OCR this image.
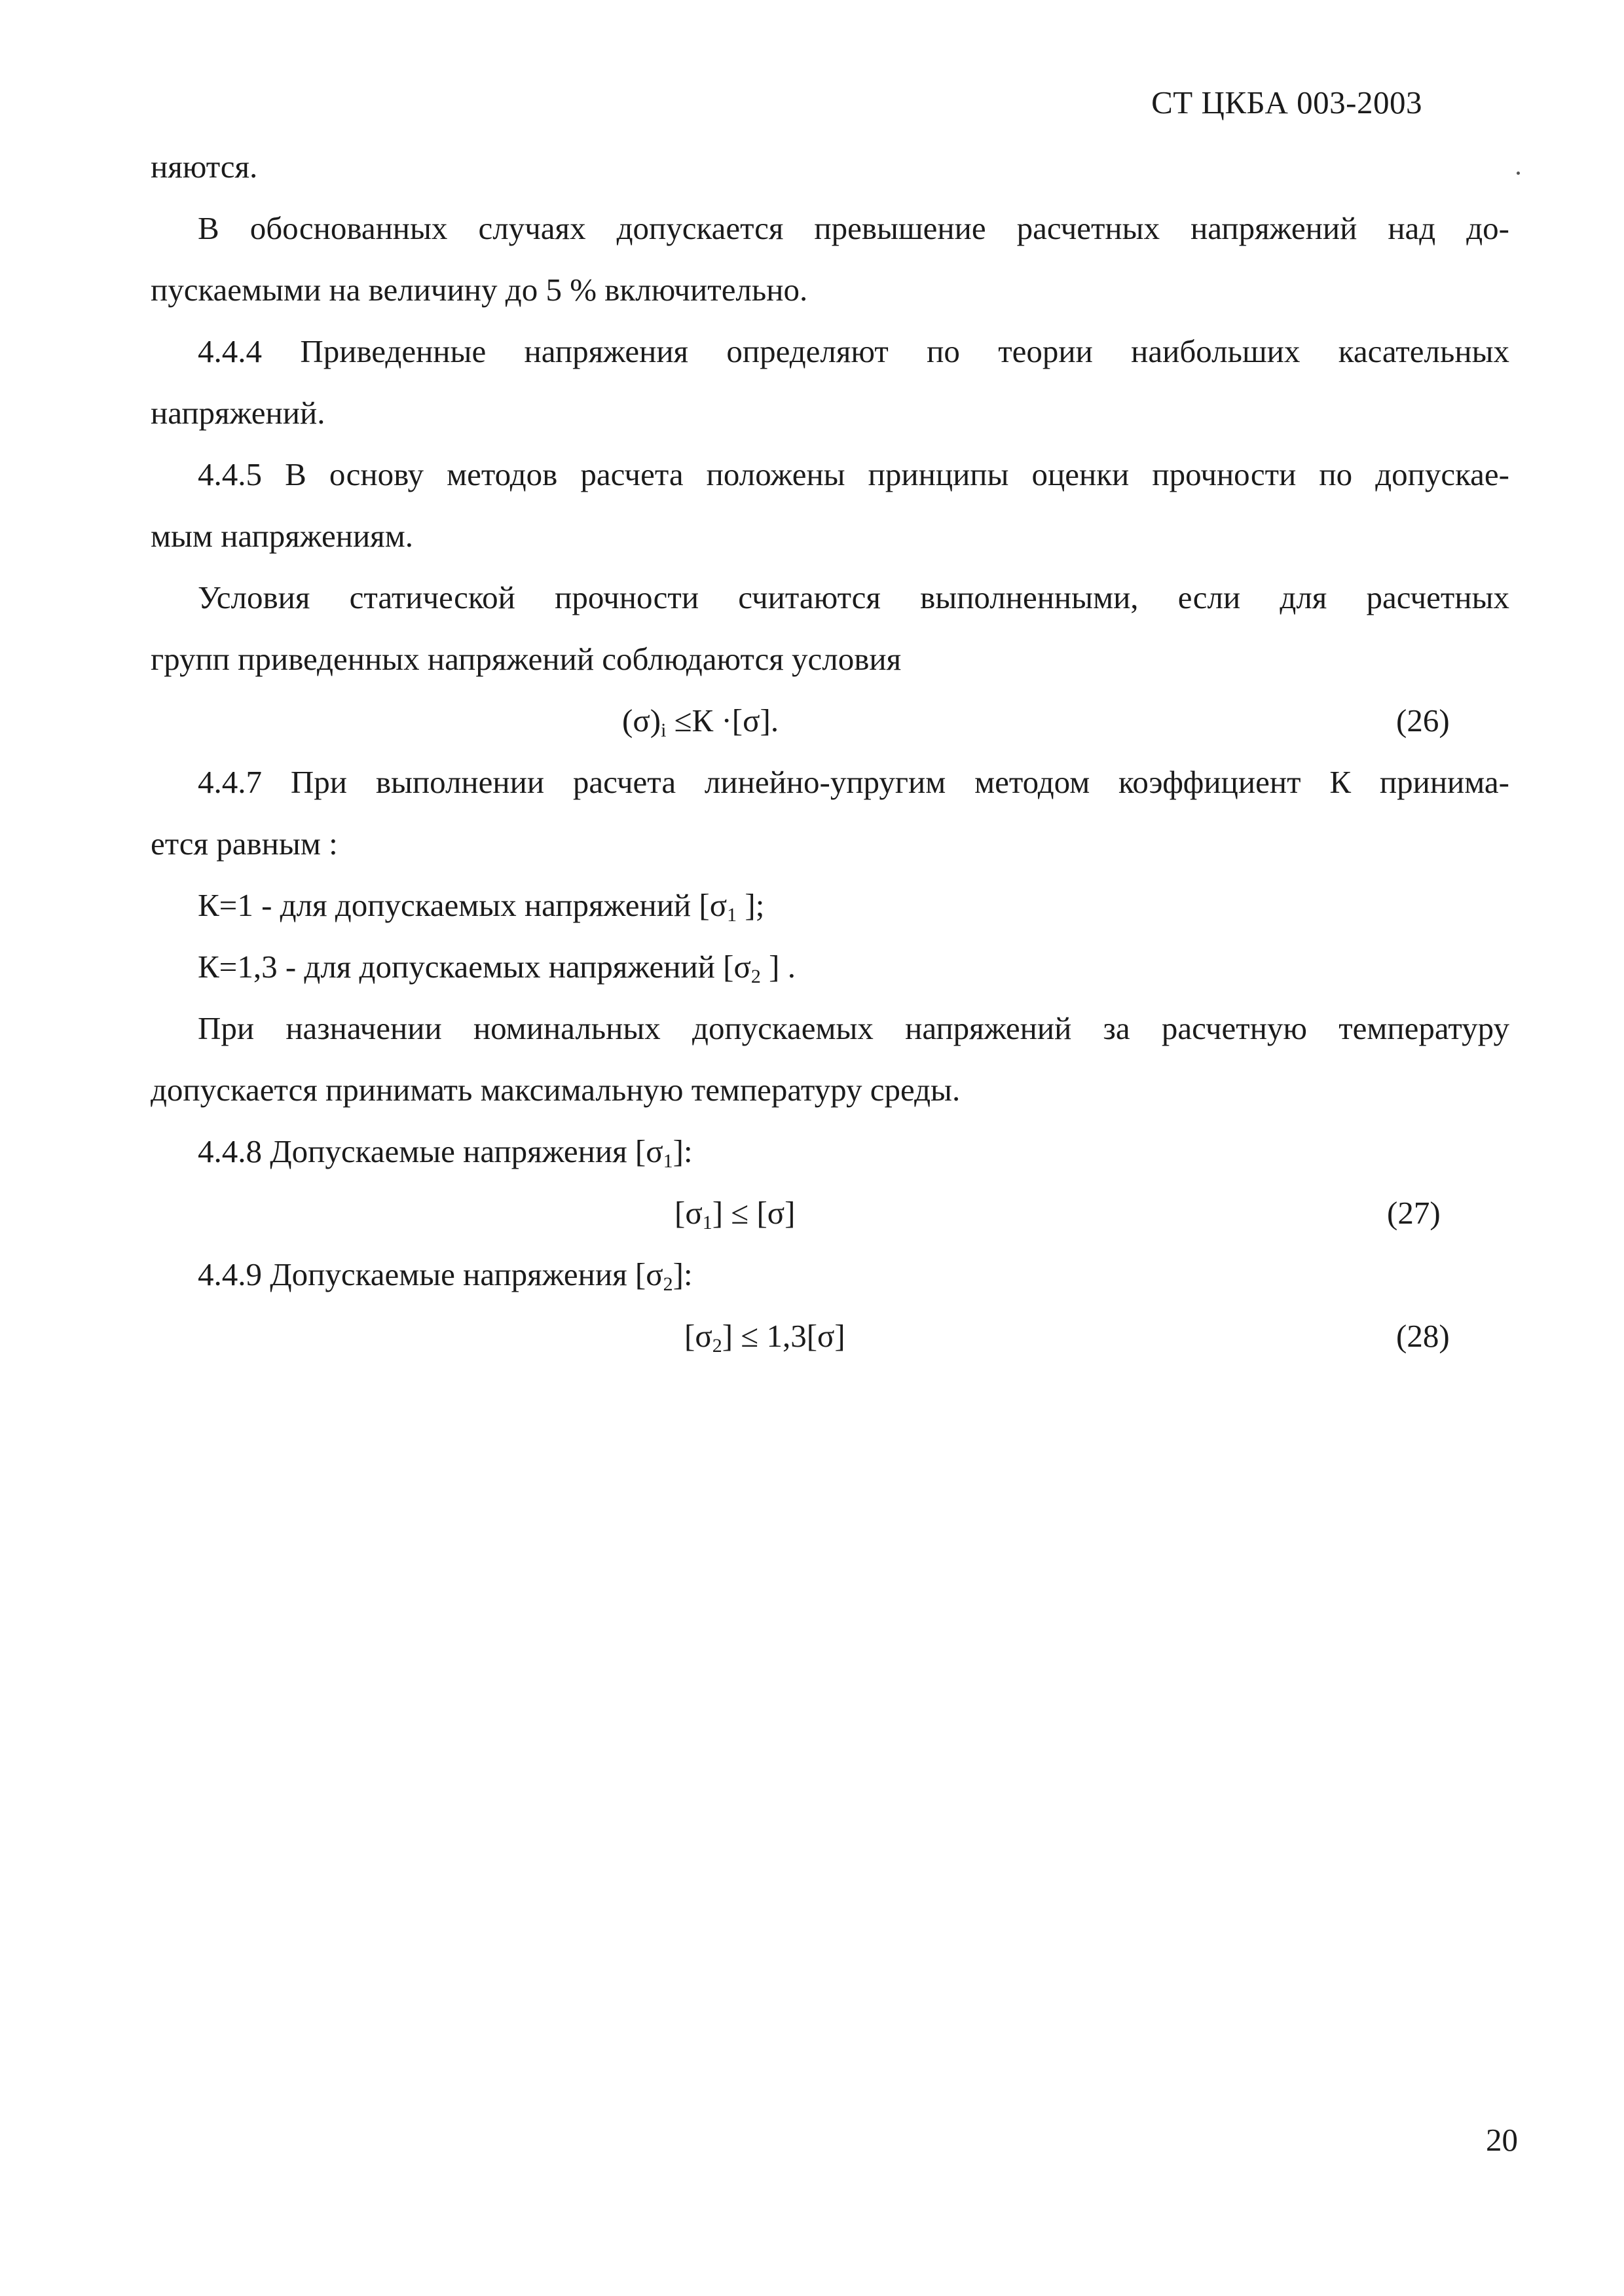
СТ ЦКБА 003-2003
няются.
В обоснованных случаях допускается превышение расчетных напряжений над до-
пускаемыми на величину до 5 % включительно.
4.4.4 Приведенные напряжения определяют по теории наибольших касательных
напряжений.
4.4.5 В основу методов расчета положены принципы оценки прочности по допускае-
мым напряжениям.
Условия статической прочности считаются выполненными, если для расчетных
групп приведенных напряжений соблюдаются условия
$(\sigma)_i \le К \cdot[\sigma]$.	(26)
4.4.7 При выполнении расчета линейно-упругим методом коэффициент К принима-
ется равным :
К=1 - для допускаемых напряжений [$\sigma_1$ ];
К=1,3 - для допускаемых напряжений [$\sigma_2$ ] .
При назначении номинальных допускаемых напряжений за расчетную температуру
допускается принимать максимальную температуру среды.
4.4.8 Допускаемые напряжения $[\sigma_1]$:
$[\sigma_1] \le [\sigma]$	(27)
4.4.9 Допускаемые напряжения $[\sigma_2]$:
$[\sigma_2] \le 1,3[\sigma]$	(28)
20
